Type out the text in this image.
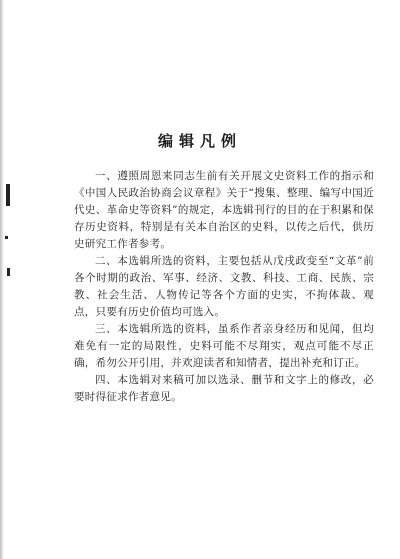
编辑凡例

一、遵照周恩来同志生前有关开展文史资料工作的指示和《中国人民政治协商会议章程》关于“搜集、整理、编写中国近代史、革命史等资料”的规定，本选辑刊行的目的在于积累和保存历史资料，特别是有关本自治区的史料，以传之后代，供历史研究工作者参考。

二、本选辑所选的资料，主要包括从戊戌政变至“文革”前各个时期的政治、军事、经济、文教、科技、工商、民族、宗教、社会生活、人物传记等各个方面的史实，不拘体裁、观点，只要有历史价值均可选入。

三、本选辑所选的资料，虽系作者亲身经历和见闻，但均难免有一定的局限性，史料可能不尽翔实，观点可能不尽正确，希勿公开引用，并欢迎读者和知情者，提出补充和订正。

四、本选辑对来稿可加以选录、删节和文字上的修改，必要时得征求作者意见。
